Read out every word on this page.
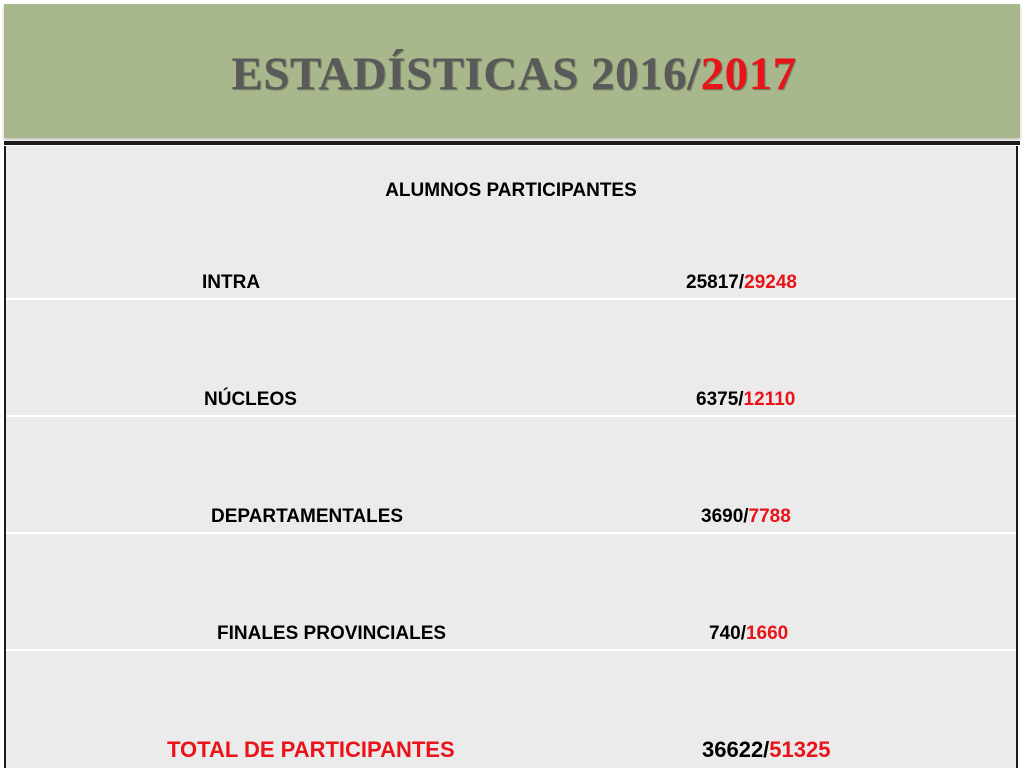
ESTADÍSTICAS 2016/2017
ALUMNOS PARTICIPANTES
INTRA	25817/29248
NÚCLEOS	6375/12110
DEPARTAMENTALES	3690/7788
FINALES PROVINCIALES	740/1660
TOTAL DE PARTICIPANTES	36622/51325
